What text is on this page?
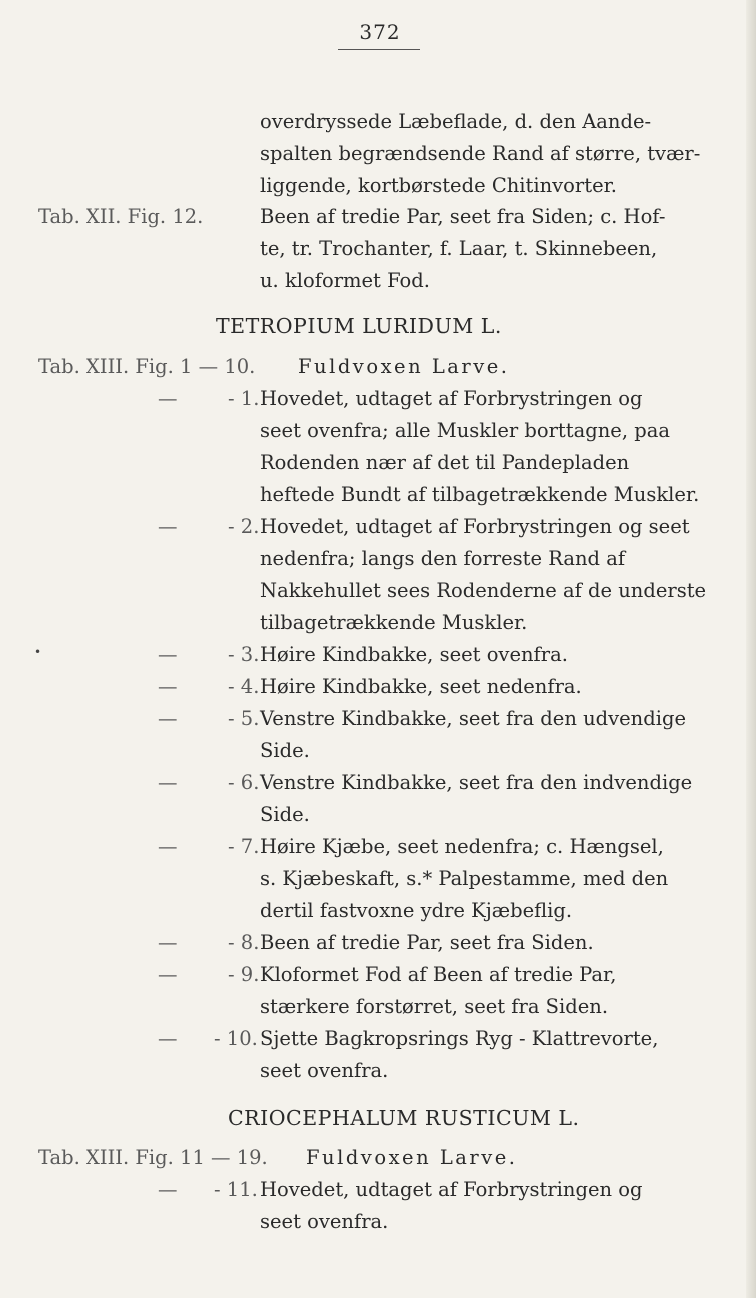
372
overdryssede Læbeflade, d. den Aande-
spalten begrændsende Rand af større, tvær-
liggende, kortbørstede Chitinvorter.
Tab. XII. Fig. 12.	Been af tredie Par, seet fra Siden; c. Hof-
te, tr. Trochanter, f. Laar, t. Skinnebeen,
u. kloformet Fod.
TETROPIUM LURIDUM L.
Tab. XIII. Fig. 1 — 10. Fuldvoxen Larve.
—	- 1. Hovedet, udtaget af Forbrystringen og
seet ovenfra; alle Muskler borttagne, paa
Rodenden nær af det til Pandepladen
heftede Bundt af tilbagetrækkende Muskler.
—	- 2. Hovedet, udtaget af Forbrystringen og seet
nedenfra; langs den forreste Rand af
Nakkehullet sees Rodenderne af de underste
tilbagetrækkende Muskler.
•	—	- 3. Høire Kindbakke, seet ovenfra.
—	- 4. Høire Kindbakke, seet nedenfra.
—	- 5. Venstre Kindbakke, seet fra den udvendige
Side.
—	- 6. Venstre Kindbakke, seet fra den indvendige
Side.
—	- 7. Høire Kjæbe, seet nedenfra; c. Hængsel,
s. Kjæbeskaft, s.* Palpestamme, med den
dertil fastvoxne ydre Kjæbeflig.
—	- 8. Been af tredie Par, seet fra Siden.
—	- 9. Kloformet Fod af Been af tredie Par,
stærkere forstørret, seet fra Siden.
— - 10. Sjette Bagkropsrings Ryg - Klattrevorte,
seet ovenfra.
CRIOCEPHALUM RUSTICUM L.
Tab. XIII. Fig. 11 — 19. Fuldvoxen Larve.
— - 11. Hovedet, udtaget af Forbrystringen og
seet ovenfra.
